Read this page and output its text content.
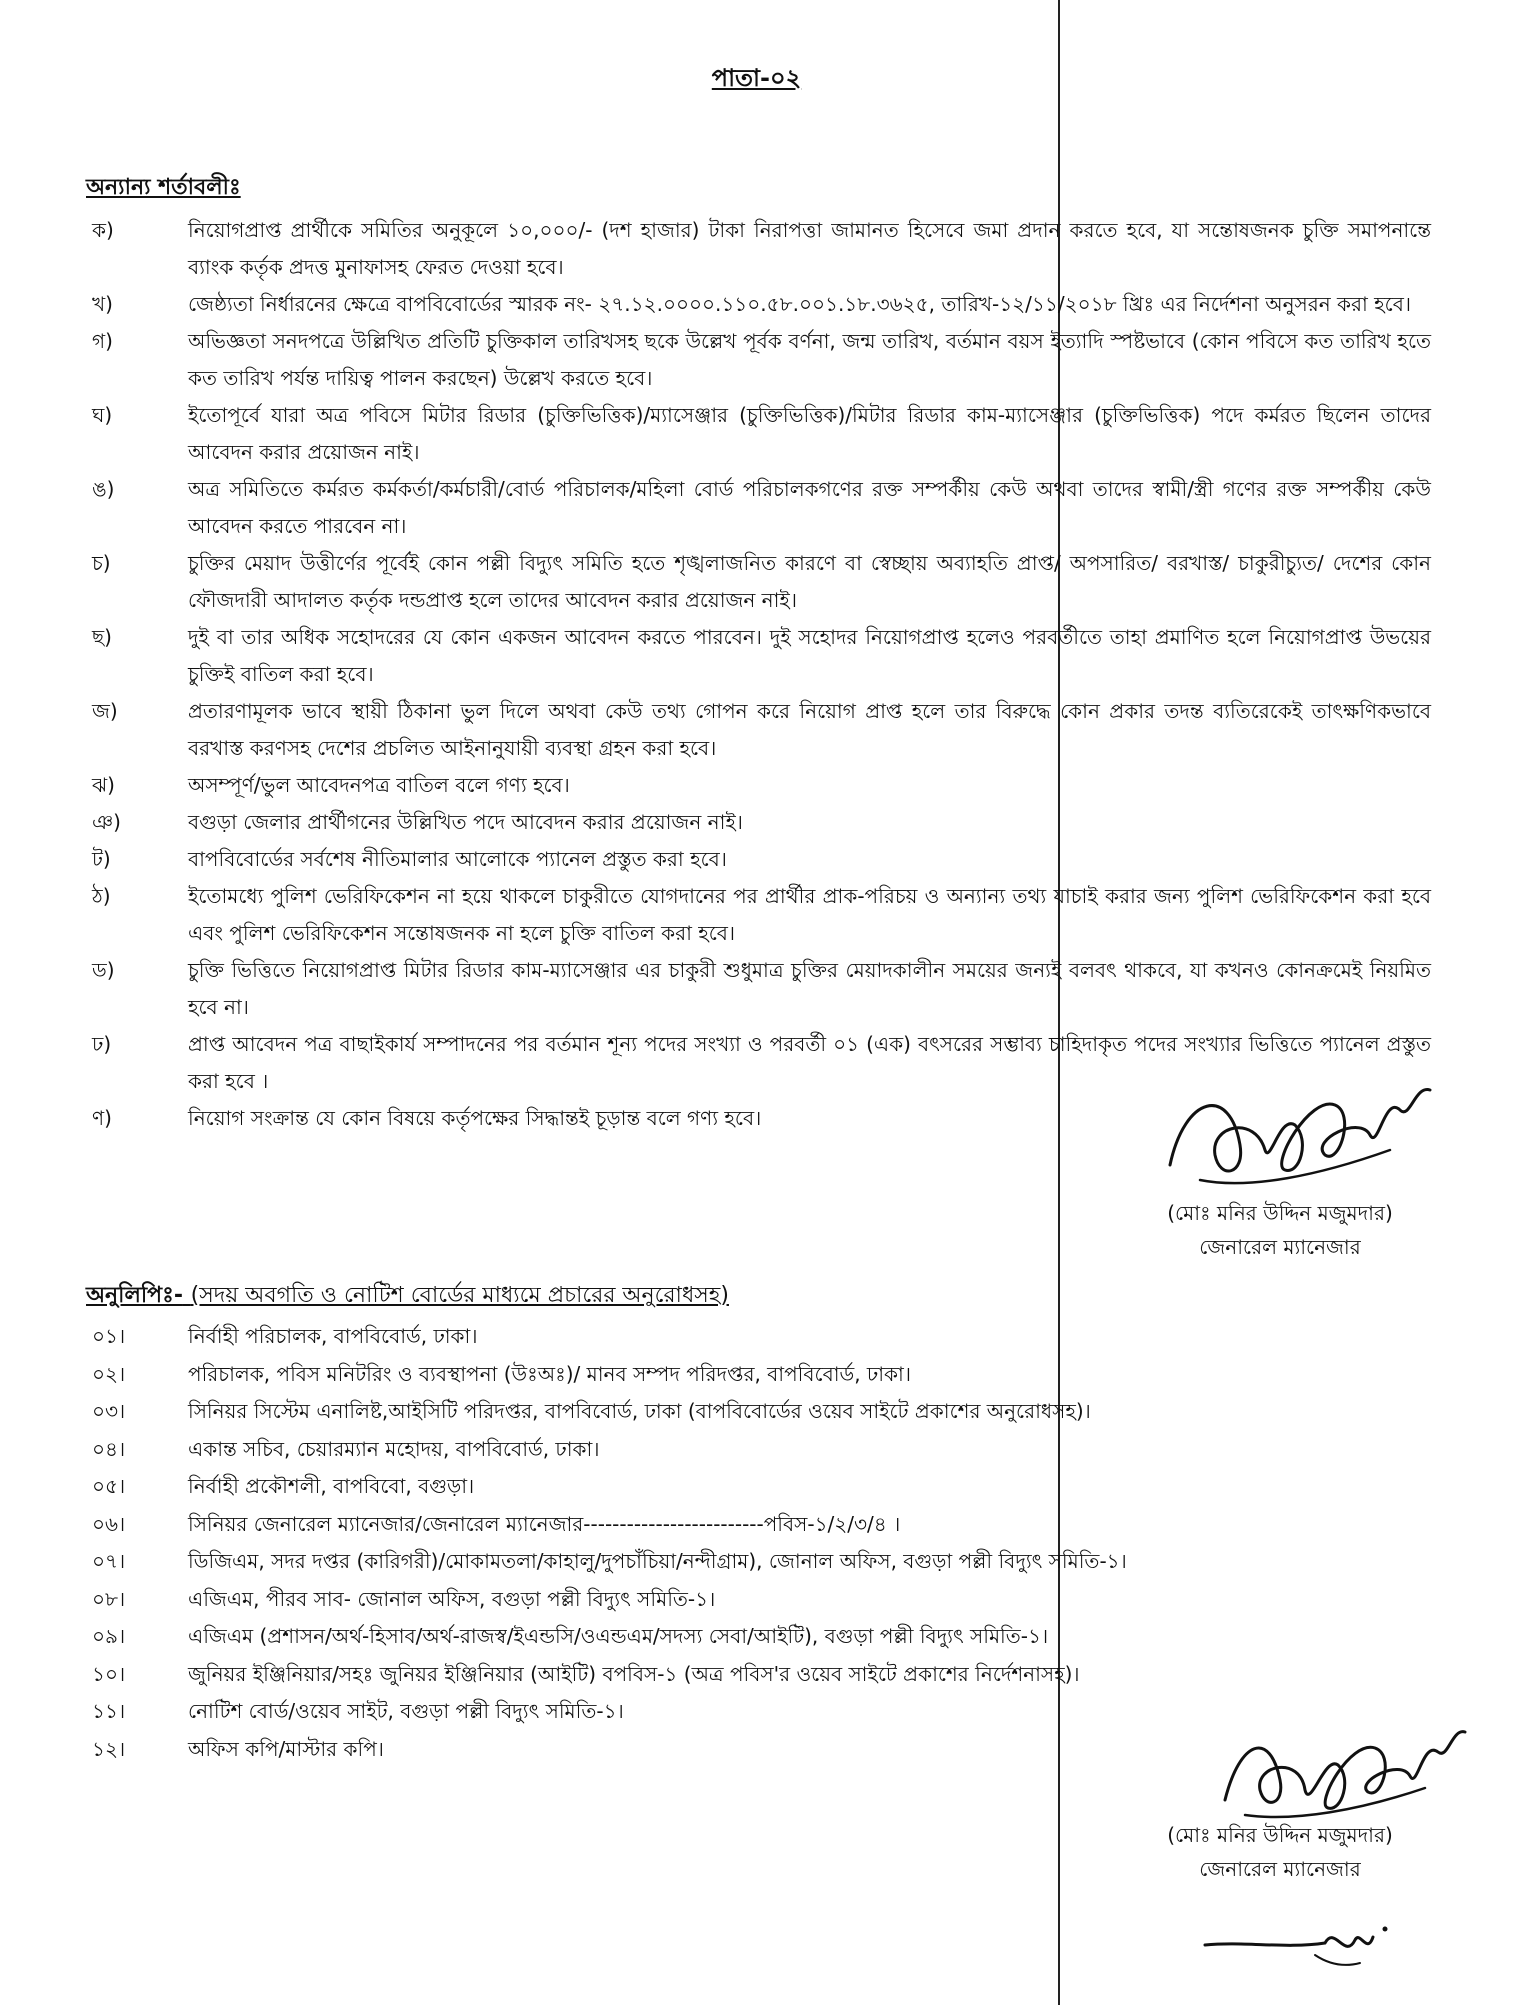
পাতা-০২
অন্যান্য শর্তাবলীঃ
ক)	নিয়োগপ্রাপ্ত প্রার্থীকে সমিতির অনুকূলে ১০,০০০/- (দশ হাজার) টাকা নিরাপত্তা জামানত হিসেবে জমা প্রদান করতে হবে, যা সন্তোষজনক চুক্তি সমাপনান্তে ব্যাংক কর্তৃক প্রদত্ত মুনাফাসহ ফেরত দেওয়া হবে।
খ)	জেষ্ঠ্যতা নির্ধারনের ক্ষেত্রে বাপবিবোর্ডের স্মারক নং- ২৭.১২.০০০০.১১০.৫৮.০০১.১৮.৩৬২৫, তারিখ-১২/১১/২০১৮ খ্রিঃ এর নির্দেশনা অনুসরন করা হবে।
গ)	অভিজ্ঞতা সনদপত্রে উল্লিখিত প্রতিটি চুক্তিকাল তারিখসহ ছকে উল্লেখ পূর্বক বর্ণনা, জন্ম তারিখ, বর্তমান বয়স ইত্যাদি স্পষ্টভাবে (কোন পবিসে কত তারিখ হতে কত তারিখ পর্যন্ত দায়িত্ব পালন করছেন) উল্লেখ করতে হবে।
ঘ)	ইতোপূর্বে যারা অত্র পবিসে মিটার রিডার (চুক্তিভিত্তিক)/ম্যাসেঞ্জার (চুক্তিভিত্তিক)/মিটার রিডার কাম-ম্যাসেঞ্জার (চুক্তিভিত্তিক) পদে কর্মরত ছিলেন তাদের আবেদন করার প্রয়োজন নাই।
ঙ)	অত্র সমিতিতে কর্মরত কর্মকর্তা/কর্মচারী/বোর্ড পরিচালক/মহিলা বোর্ড পরিচালকগণের রক্ত সম্পর্কীয় কেউ অথবা তাদের স্বামী/স্ত্রী গণের রক্ত সম্পর্কীয় কেউ আবেদন করতে পারবেন না।
চ)	চুক্তির মেয়াদ উত্তীর্ণের পূর্বেই কোন পল্লী বিদ্যুৎ সমিতি হতে শৃঙ্খলাজনিত কারণে বা স্বেচ্ছায় অব্যাহতি প্রাপ্ত/ অপসারিত/ বরখাস্ত/ চাকুরীচ্যুত/ দেশের কোন ফৌজদারী আদালত কর্তৃক দন্ডপ্রাপ্ত হলে তাদের আবেদন করার প্রয়োজন নাই।
ছ)	দুই বা তার অধিক সহোদরের যে কোন একজন আবেদন করতে পারবেন। দুই সহোদর নিয়োগপ্রাপ্ত হলেও পরবর্তীতে তাহা প্রমাণিত হলে নিয়োগপ্রাপ্ত উভয়ের চুক্তিই বাতিল করা হবে।
জ)	প্রতারণামূলক ভাবে স্থায়ী ঠিকানা ভুল দিলে অথবা কেউ তথ্য গোপন করে নিয়োগ প্রাপ্ত হলে তার বিরুদ্ধে কোন প্রকার তদন্ত ব্যতিরেকেই তাৎক্ষণিকভাবে বরখাস্ত করণসহ দেশের প্রচলিত আইনানুযায়ী ব্যবস্থা গ্রহন করা হবে।
ঝ)	অসম্পূর্ণ/ভুল আবেদনপত্র বাতিল বলে গণ্য হবে।
ঞ)	বগুড়া জেলার প্রার্থীগনের উল্লিখিত পদে আবেদন করার প্রয়োজন নাই।
ট)	বাপবিবোর্ডের সর্বশেষ নীতিমালার আলোকে প্যানেল প্রস্তুত করা হবে।
ঠ)	ইতোমধ্যে পুলিশ ভেরিফিকেশন না হয়ে থাকলে চাকুরীতে যোগদানের পর প্রার্থীর প্রাক-পরিচয় ও অন্যান্য তথ্য যাচাই করার জন্য পুলিশ ভেরিফিকেশন করা হবে এবং পুলিশ ভেরিফিকেশন সন্তোষজনক না হলে চুক্তি বাতিল করা হবে।
ড)	চুক্তি ভিত্তিতে নিয়োগপ্রাপ্ত মিটার রিডার কাম-ম্যাসেঞ্জার এর চাকুরী শুধুমাত্র চুক্তির মেয়াদকালীন সময়ের জন্যই বলবৎ থাকবে, যা কখনও কোনক্রমেই নিয়মিত হবে না।
ঢ)	প্রাপ্ত আবেদন পত্র বাছাইকার্য সম্পাদনের পর বর্তমান শূন্য পদের সংখ্যা ও পরবর্তী ০১ (এক) বৎসরের সম্ভাব্য চাহিদাকৃত পদের সংখ্যার ভিত্তিতে প্যানেল প্রস্তুত করা হবে ।
ণ)	নিয়োগ সংক্রান্ত যে কোন বিষয়ে কর্তৃপক্ষের সিদ্ধান্তই চূড়ান্ত বলে গণ্য হবে।
(মোঃ মনির উদ্দিন মজুমদার)
জেনারেল ম্যানেজার
অনুলিপিঃ- (সদয় অবগতি ও নোটিশ বোর্ডের মাধ্যমে প্রচারের অনুরোধসহ)
০১।	নির্বাহী পরিচালক, বাপবিবোর্ড, ঢাকা।
০২।	পরিচালক, পবিস মনিটরিং ও ব্যবস্থাপনা (উঃঅঃ)/ মানব সম্পদ পরিদপ্তর, বাপবিবোর্ড, ঢাকা।
০৩।	সিনিয়র সিস্টেম এনালিষ্ট,আইসিটি পরিদপ্তর, বাপবিবোর্ড, ঢাকা (বাপবিবোর্ডের ওয়েব সাইটে প্রকাশের অনুরোধসহ)।
০৪।	একান্ত সচিব, চেয়ারম্যান মহোদয়, বাপবিবোর্ড, ঢাকা।
০৫।	নির্বাহী প্রকৌশলী, বাপবিবো, বগুড়া।
০৬।	সিনিয়র জেনারেল ম্যানেজার/জেনারেল ম্যানেজার-------------------------পবিস-১/২/৩/৪ ।
০৭।	ডিজিএম, সদর দপ্তর (কারিগরী)/মোকামতলা/কাহালু/দুপচাঁচিয়া/নন্দীগ্রাম), জোনাল অফিস, বগুড়া পল্লী বিদ্যুৎ সমিতি-১।
০৮।	এজিএম, পীরব সাব- জোনাল অফিস, বগুড়া পল্লী বিদ্যুৎ সমিতি-১।
০৯।	এজিএম (প্রশাসন/অর্থ-হিসাব/অর্থ-রাজস্ব/ইএন্ডসি/ওএন্ডএম/সদস্য সেবা/আইটি), বগুড়া পল্লী বিদ্যুৎ সমিতি-১।
১০।	জুনিয়র ইঞ্জিনিয়ার/সহঃ জুনিয়র ইঞ্জিনিয়ার (আইটি) বপবিস-১ (অত্র পবিস'র ওয়েব সাইটে প্রকাশের নির্দেশনাসহ)।
১১।	নোটিশ বোর্ড/ওয়েব সাইট, বগুড়া পল্লী বিদ্যুৎ সমিতি-১।
১২।	অফিস কপি/মাস্টার কপি।
(মোঃ মনির উদ্দিন মজুমদার)
জেনারেল ম্যানেজার
